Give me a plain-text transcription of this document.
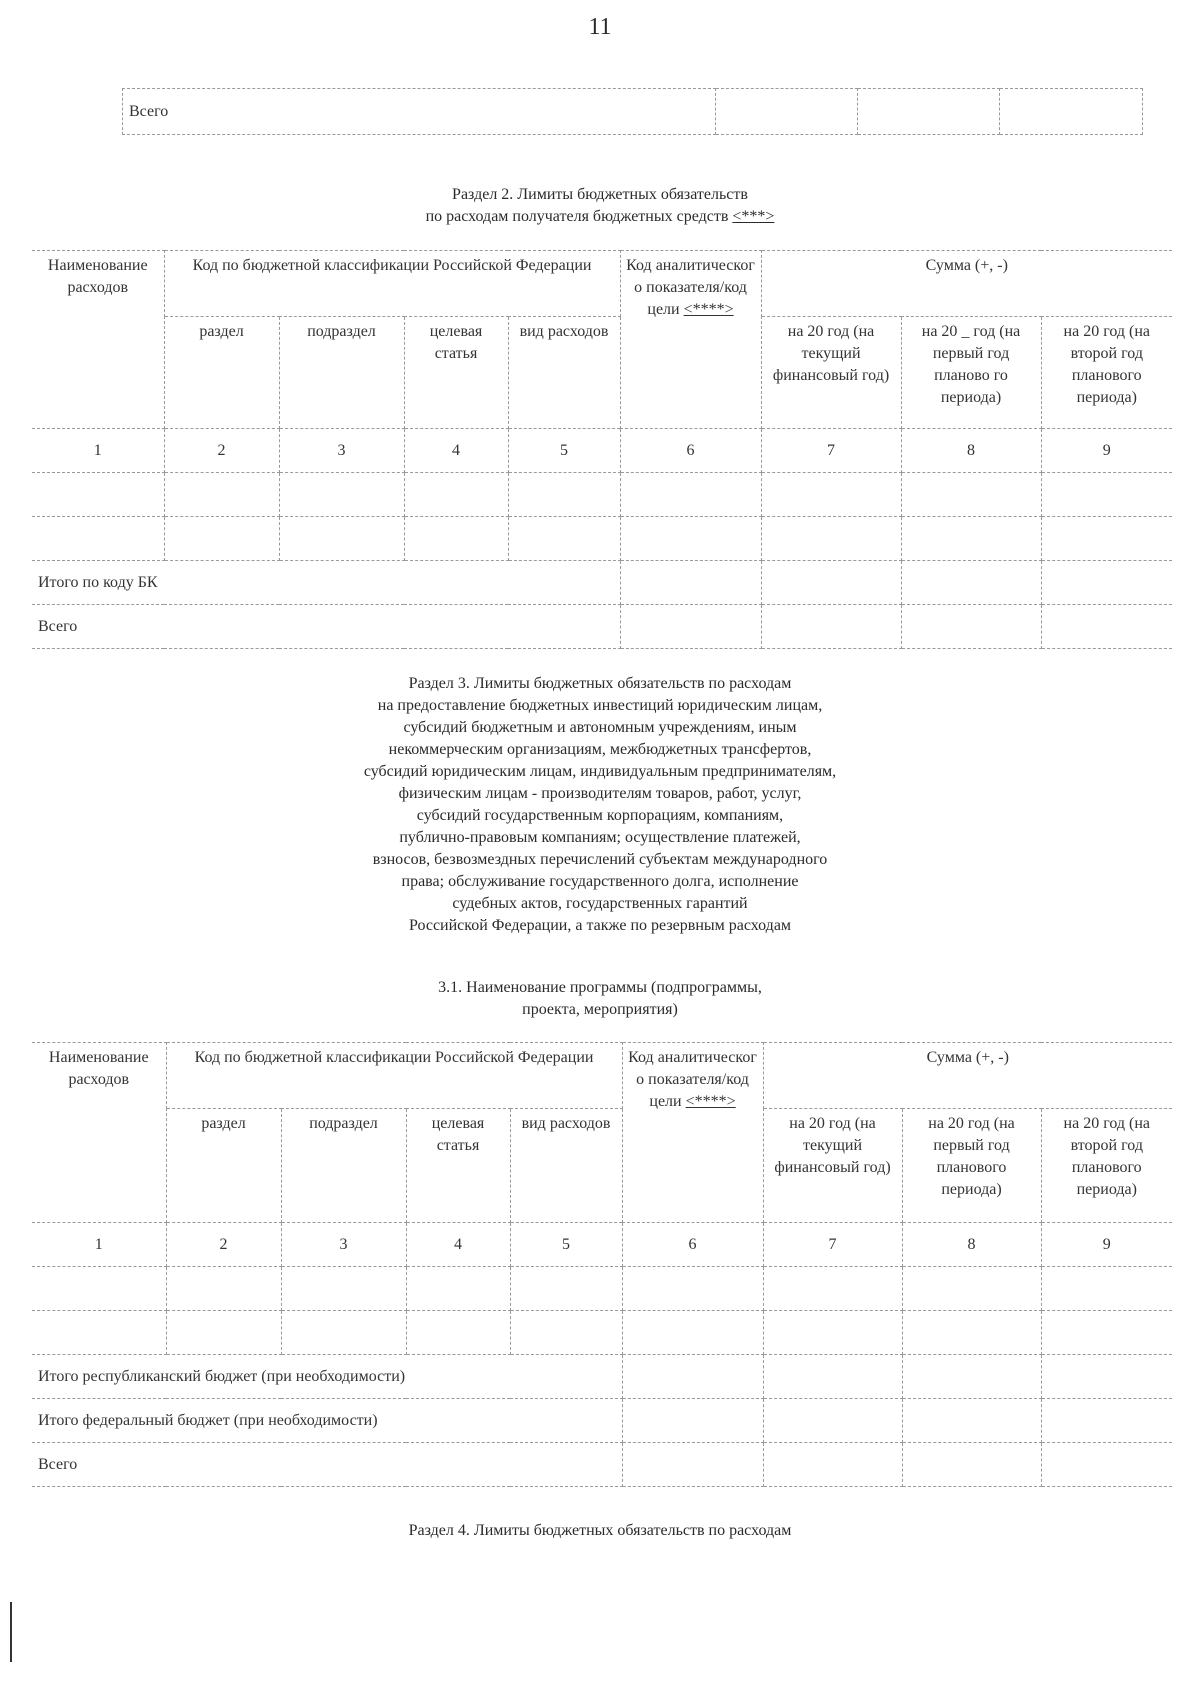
11
Всего			
Раздел 2. Лимиты бюджетных обязательств
по расходам получателя бюджетных средств <***>
Наименование расходов	Код по бюджетной классификации Российской Федерации				Код аналитическог о показателя/код цели <****>	Сумма (+, -)		
	раздел	подраздел	целевая статья	вид расходов		на 20 год (на текущий финансовый год)	на 20 _ год (на первый год планово го периода)	на 20 год (на второй год планового периода)
1	2	3	4	5	6	7	8	9

Итого по коду БК								
Всего								
Раздел 3. Лимиты бюджетных обязательств по расходам
на предоставление бюджетных инвестиций юридическим лицам,
субсидий бюджетным и автономным учреждениям, иным
некоммерческим организациям, межбюджетных трансфертов,
субсидий юридическим лицам, индивидуальным предпринимателям,
физическим лицам - производителям товаров, работ, услуг,
субсидий государственным корпорациям, компаниям,
публично-правовым компаниям; осуществление платежей,
взносов, безвозмездных перечислений субъектам международного
права; обслуживание государственного долга, исполнение
судебных актов, государственных гарантий
Российской Федерации, а также по резервным расходам
3.1. Наименование программы (подпрограммы,
проекта, мероприятия)
Наименование расходов	Код по бюджетной классификации Российской Федерации				Код аналитическог о показателя/код цели <****>	Сумма (+, -)		
	раздел	подраздел	целевая статья	вид расходов		на 20 год (на текущий финансовый год)	на 20 год (на первый год планового периода)	на 20 год (на второй год планового периода)
1	2	3	4	5	6	7	8	9

Итого республиканский бюджет (при необходимости)								
Итого федеральный бюджет (при необходимости)								
Всего								
Раздел 4. Лимиты бюджетных обязательств по расходам
